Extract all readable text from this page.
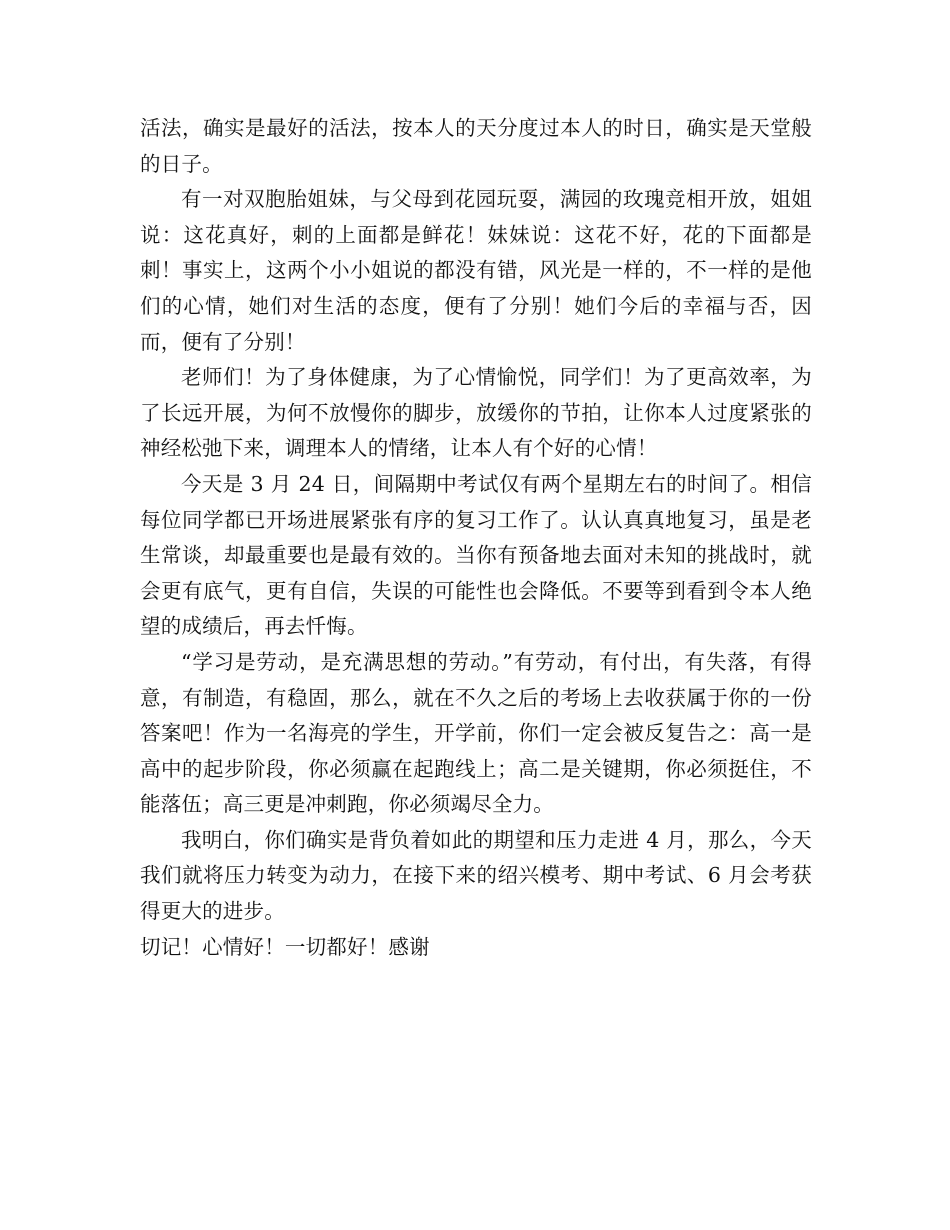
活法，确实是最好的活法，按本人的天分度过本人的时日，确实是天堂般的日子。

有一对双胞胎姐妹，与父母到花园玩耍，满园的玫瑰竞相开放，姐姐说：这花真好，刺的上面都是鲜花！妹妹说：这花不好，花的下面都是刺！事实上，这两个小小姐说的都没有错，风光是一样的，不一样的是他们的心情，她们对生活的态度，便有了分别！她们今后的幸福与否，因而，便有了分别！

老师们！为了身体健康，为了心情愉悦，同学们！为了更高效率，为了长远开展，为何不放慢你的脚步，放缓你的节拍，让你本人过度紧张的神经松弛下来，调理本人的情绪，让本人有个好的心情！

今天是 3 月 24 日，间隔期中考试仅有两个星期左右的时间了。相信每位同学都已开场进展紧张有序的复习工作了。认认真真地复习，虽是老生常谈，却最重要也是最有效的。当你有预备地去面对未知的挑战时，就会更有底气，更有自信，失误的可能性也会降低。不要等到看到令本人绝望的成绩后，再去忏悔。

“学习是劳动，是充满思想的劳动。”有劳动，有付出，有失落，有得意，有制造，有稳固，那么，就在不久之后的考场上去收获属于你的一份答案吧！作为一名海亮的学生，开学前，你们一定会被反复告之：高一是高中的起步阶段，你必须赢在起跑线上；高二是关键期，你必须挺住，不能落伍；高三更是冲刺跑，你必须竭尽全力。

我明白，你们确实是背负着如此的期望和压力走进 4 月，那么，今天我们就将压力转变为动力，在接下来的绍兴模考、期中考试、6 月会考获得更大的进步。

切记！心情好！一切都好！感谢
